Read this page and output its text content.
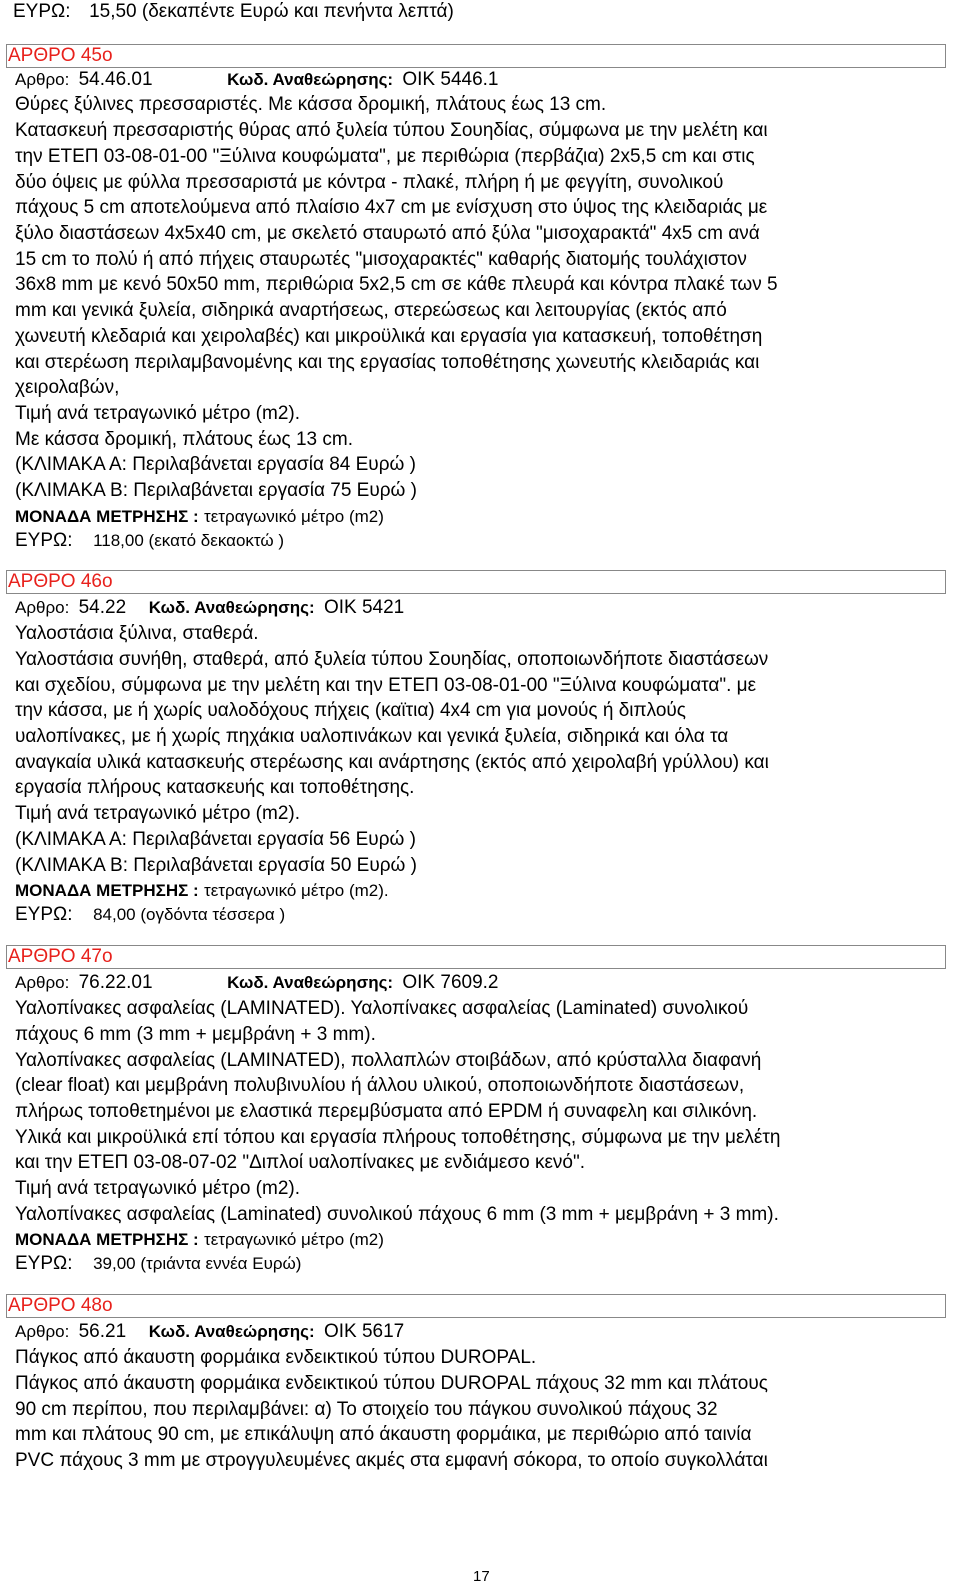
ΕΥΡΩ: 15,50 (δεκαπέντε Ευρώ και πενήντα λεπτά)
ΑΡΘΡΟ 45ο
Αρθρο: 54.46.01	Κωδ. Αναθεώρησης: ΟΙΚ 5446.1
Θύρες ξύλινες πρεσσαριστές. Με κάσσα δρομική, πλάτους έως 13 cm.
Κατασκευή πρεσσαριστής θύρας από ξυλεία τύπου Σουηδίας, σύμφωνα με την μελέτη και
την ΕΤΕΠ 03-08-01-00 "Ξύλινα κουφώματα", με περιθώρια (περβάζια) 2x5,5 cm και στις
δύο όψεις με φύλλα πρεσσαριστά με κόντρα - πλακέ, πλήρη ή με φεγγίτη, συνολικού
πάχους 5 cm αποτελούμενα από πλαίσιο 4x7 cm με ενίσχυση στο ύψος της κλειδαριάς με
ξύλο διαστάσεων 4x5x40 cm, με σκελετό σταυρωτό από ξύλα "μισοχαρακτά" 4x5 cm ανά
15 cm το πολύ ή από πήχεις σταυρωτές "μισοχαρακτές" καθαρής διατομής τουλάχιστον
36x8 mm με κενό 50x50 mm, περιθώρια 5x2,5 cm σε κάθε πλευρά και κόντρα πλακέ των 5
mm και γενικά ξυλεία, σιδηρικά αναρτήσεως, στερεώσεως και λειτουργίας (εκτός από
χωνευτή κλεδαριά και χειρολαβές) και μικροϋλικά και εργασία για κατασκευή, τοποθέτηση
και στερέωση περιλαμβανομένης και της εργασίας τοποθέτησης χωνευτής κλειδαριάς και
χειρολαβών,
Τιμή ανά τετραγωνικό μέτρο (m2).
Με κάσσα δρομική, πλάτους έως 13 cm.
(ΚΛΙΜΑΚΑ Α: Περιλαβάνεται εργασία 84 Ευρώ )
(ΚΛΙΜΑΚΑ Β: Περιλαβάνεται εργασία 75 Ευρώ )
ΜΟΝΑΔΑ ΜΕΤΡΗΣΗΣ : τετραγωνικό μέτρο (m2)
ΕΥΡΩ: 118,00 (εκατό δεκαοκτώ )
ΑΡΘΡΟ 46ο
Αρθρο: 54.22 Κωδ. Αναθεώρησης: ΟΙΚ 5421
Υαλοστάσια ξύλινα, σταθερά.
Υαλοστάσια συνήθη, σταθερά, από ξυλεία τύπου Σουηδίας, οποποιωνδήποτε διαστάσεων
και σχεδίου, σύμφωνα με την μελέτη και την ΕΤΕΠ 03-08-01-00 "Ξύλινα κουφώματα". με
την κάσσα, με ή χωρίς υαλοδόχους πήχεις (καϊτια) 4x4 cm για μονούς ή διπλούς
υαλοπίνακες, με ή χωρίς πηχάκια υαλοπινάκων και γενικά ξυλεία, σιδηρικά και όλα τα
αναγκαία υλικά κατασκευής στερέωσης και ανάρτησης (εκτός από χειρολαβή γρύλλου) και
εργασία πλήρους κατασκευής και τοποθέτησης.
Τιμή ανά τετραγωνικό μέτρο (m2).
(ΚΛΙΜΑΚΑ Α: Περιλαβάνεται εργασία 56 Ευρώ )
(ΚΛΙΜΑΚΑ Β: Περιλαβάνεται εργασία 50 Ευρώ )
ΜΟΝΑΔΑ ΜΕΤΡΗΣΗΣ : τετραγωνικό μέτρο (m2).
ΕΥΡΩ: 84,00 (ογδόντα τέσσερα )
ΑΡΘΡΟ 47ο
Αρθρο: 76.22.01	Κωδ. Αναθεώρησης: ΟΙΚ 7609.2
Υαλοπίνακες ασφαλείας (LAMINATED). Υαλοπίνακες ασφαλείας (Laminated) συνολικού
πάχους 6 mm (3 mm + μεμβράνη + 3 mm).
Υαλοπίνακες ασφαλείας (LAMINATED), πολλαπλών στοιβάδων, από κρύσταλλα διαφανή
(clear float) και μεμβράνη πολυβινυλίου ή άλλου υλικού, οποποιωνδήποτε διαστάσεων,
πλήρως τοποθετημένοι με ελαστικά περεμβύσματα από EPDM ή συναφελη και σιλικόνη.
Υλικά και μικροϋλικά επί τόπου και εργασία πλήρους τοποθέτησης, σύμφωνα με την μελέτη
και την ΕΤΕΠ 03-08-07-02 "Διπλοί υαλοπίνακες με ενδιάμεσο κενό".
Τιμή ανά τετραγωνικό μέτρο (m2).
Υαλοπίνακες ασφαλείας (Laminated) συνολικού πάχους 6 mm (3 mm + μεμβράνη + 3 mm).
ΜΟΝΑΔΑ ΜΕΤΡΗΣΗΣ : τετραγωνικό μέτρο (m2)
ΕΥΡΩ: 39,00 (τριάντα εννέα Ευρώ)
ΑΡΘΡΟ 48ο
Αρθρο: 56.21 Κωδ. Αναθεώρησης: ΟΙΚ 5617
Πάγκος από άκαυστη φορμάικα ενδεικτικού τύπου DUROPAL.
Πάγκος από άκαυστη φορμάικα ενδεικτικού τύπου DUROPAL πάχους 32 mm και πλάτους
90 cm περίπου, που περιλαμβάνει: α) Το στοιχείο του πάγκου συνολικού πάχους 32
mm και πλάτους 90 cm, με επικάλυψη από άκαυστη φορμάικα, με περιθώριο από ταινία
PVC πάχους 3 mm με στρογγυλευμένες ακμές στα εμφανή σόκορα, το οποίο συγκολλάται
17
